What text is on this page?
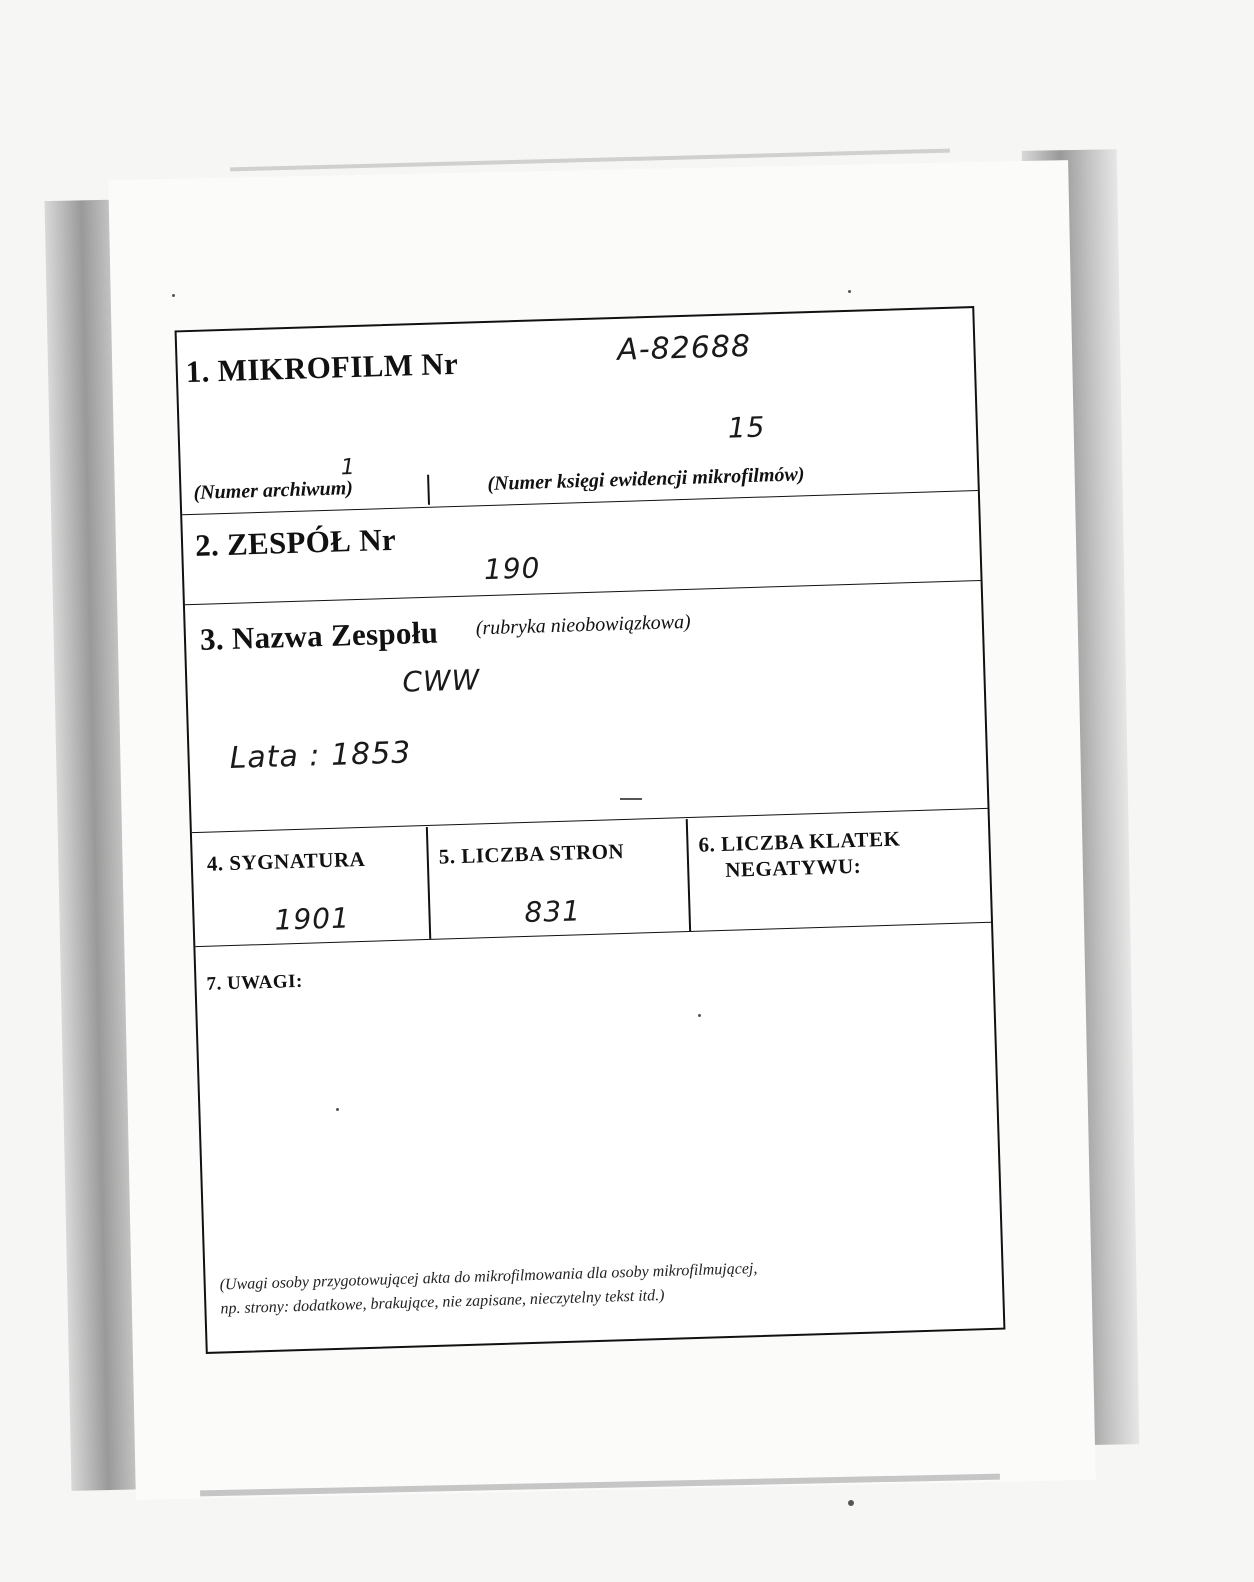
1. MIKROFILM Nr	A-82688
15
1
(Numer archiwum)	(Numer księgi ewidencji mikrofilmów)
2. ZESPÓŁ Nr
190
3. Nazwa Zespołu (rubryka nieobowiązkowa)
CWW
Lata : 1853
4. SYGNATURA
1901
5. LICZBA STRON
831
6. LICZBA KLATEK
NEGATYWU:
7. UWAGI:
(Uwagi osoby przygotowującej akta do mikrofilmowania dla osoby mikrofilmującej,
np. strony: dodatkowe, brakujące, nie zapisane, nieczytelny tekst itd.)
